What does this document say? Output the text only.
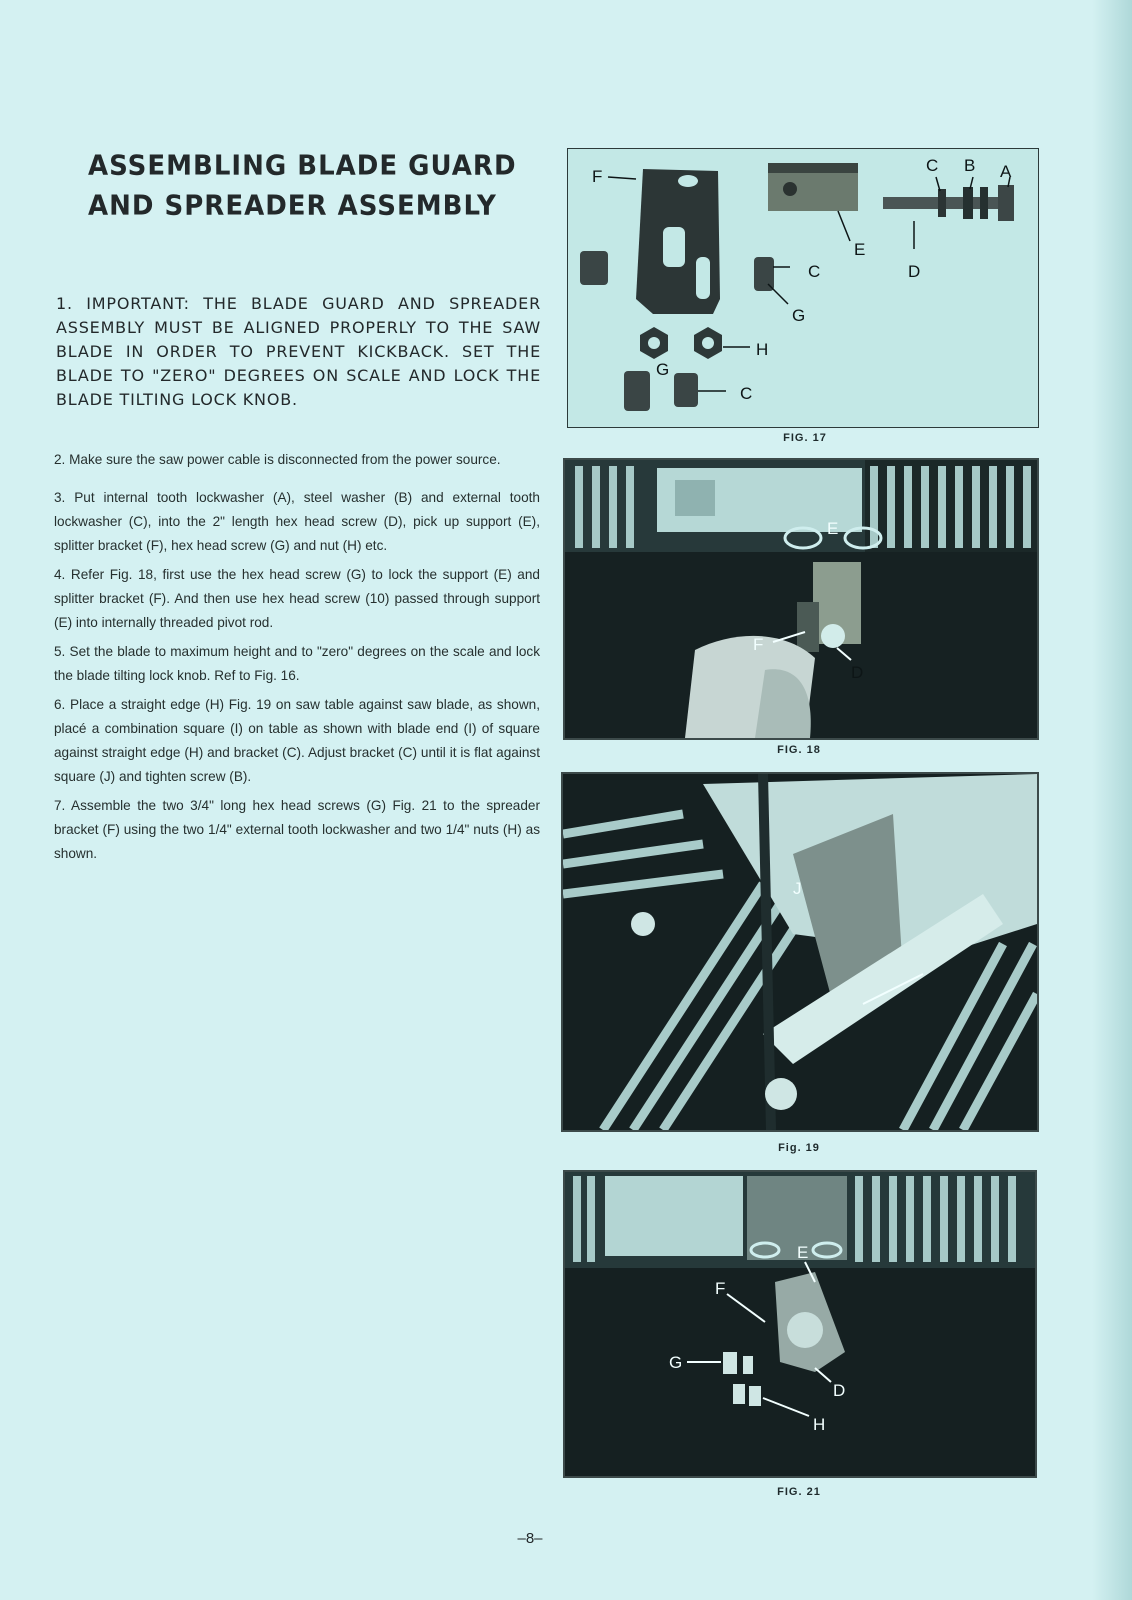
ASSEMBLING BLADE GUARD
AND SPREADER ASSEMBLY
1. IMPORTANT: THE BLADE GUARD AND SPREADER ASSEMBLY MUST BE ALIGNED PROPERLY TO THE SAW BLADE IN ORDER TO PREVENT KICKBACK. SET THE BLADE TO "ZERO" DEGREES ON SCALE AND LOCK THE BLADE TILTING LOCK KNOB.

2. Make sure the saw power cable is disconnected from the power source.

3. Put internal tooth lockwasher (A), steel washer (B) and external tooth lockwasher (C), into the 2" length hex head screw (D), pick up support (E), splitter bracket (F), hex head screw (G) and nut (H) etc.

4. Refer Fig. 18, first use the hex head screw (G) to lock the support (E) and splitter bracket (F). And then use hex head screw (10) passed through support (E) into internally threaded pivot rod.

5. Set the blade to maximum height and to "zero" degrees on the scale and lock the blade tilting lock knob. Ref to Fig. 16.

6. Place a straight edge (H) Fig. 19 on saw table against saw blade, as shown, placé a combination square (I) on table as shown with blade end (I) of square against straight edge (H) and bracket (C). Adjust bracket (C) until it is flat against square (J) and tighten screw (B).

7. Assemble the two 3/4" long hex head screws (G) Fig. 21 to the spreader bracket (F) using the two 1/4" external tooth lockwasher and two 1/4" nuts (H) as shown.

F
C B A
E
C	D
G
G
H
C
FIG. 17
E
F
D
FIG. 18
J
Fig. 19
E
F
G
D
H
FIG. 21
–8–
